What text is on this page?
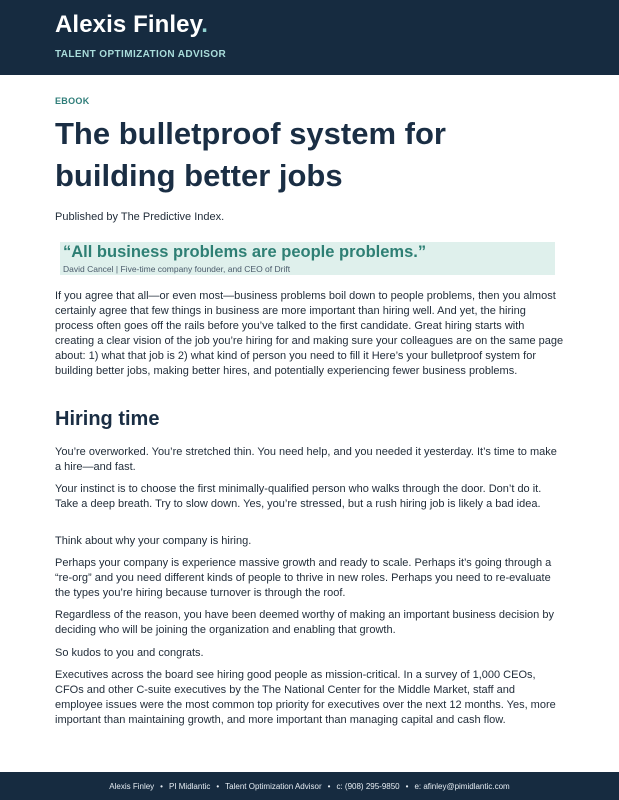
Alexis Finley.
TALENT OPTIMIZATION ADVISOR
EBOOK
The bulletproof system for building better jobs
Published by The Predictive Index.
“All business problems are people problems.”
David Cancel | Five-time company founder, and CEO of Drift

If you agree that all—or even most—business problems boil down to people problems, then you almost certainly agree that few things in business are more important than hiring well. And yet, the hiring process often goes off the rails before you’ve talked to the first candidate. Great hiring starts with creating a clear vision of the job you’re hiring for and making sure your colleagues are on the same page about: 1) what that job is 2) what kind of person you need to fill it Here’s your bulletproof system for building better jobs, making better hires, and potentially experiencing fewer business problems.

Hiring time

You’re overworked. You’re stretched thin. You need help, and you needed it yesterday. It’s time to make a hire—and fast.

Your instinct is to choose the first minimally-qualified person who walks through the door. Don’t do it. Take a deep breath. Try to slow down. Yes, you’re stressed, but a rush hiring job is likely a bad idea.

Think about why your company is hiring.

Perhaps your company is experience massive growth and ready to scale. Perhaps it’s going through a “re-org” and you need different kinds of people to thrive in new roles. Perhaps you need to re-evaluate the types you’re hiring because turnover is through the roof.

Regardless of the reason, you have been deemed worthy of making an important business decision by deciding who will be joining the organization and enabling that growth.

So kudos to you and congrats.

Executives across the board see hiring good people as mission-critical. In a survey of 1,000 CEOs, CFOs and other C-suite executives by the The National Center for the Middle Market, staff and employee issues were the most common top priority for executives over the next 12 months. Yes, more important than maintaining growth, and more important than managing capital and cash flow.

Alexis Finley • PI Midlantic • Talent Optimization Advisor • c: (908) 295-9850 • e: afinley@pimidlantic.com
